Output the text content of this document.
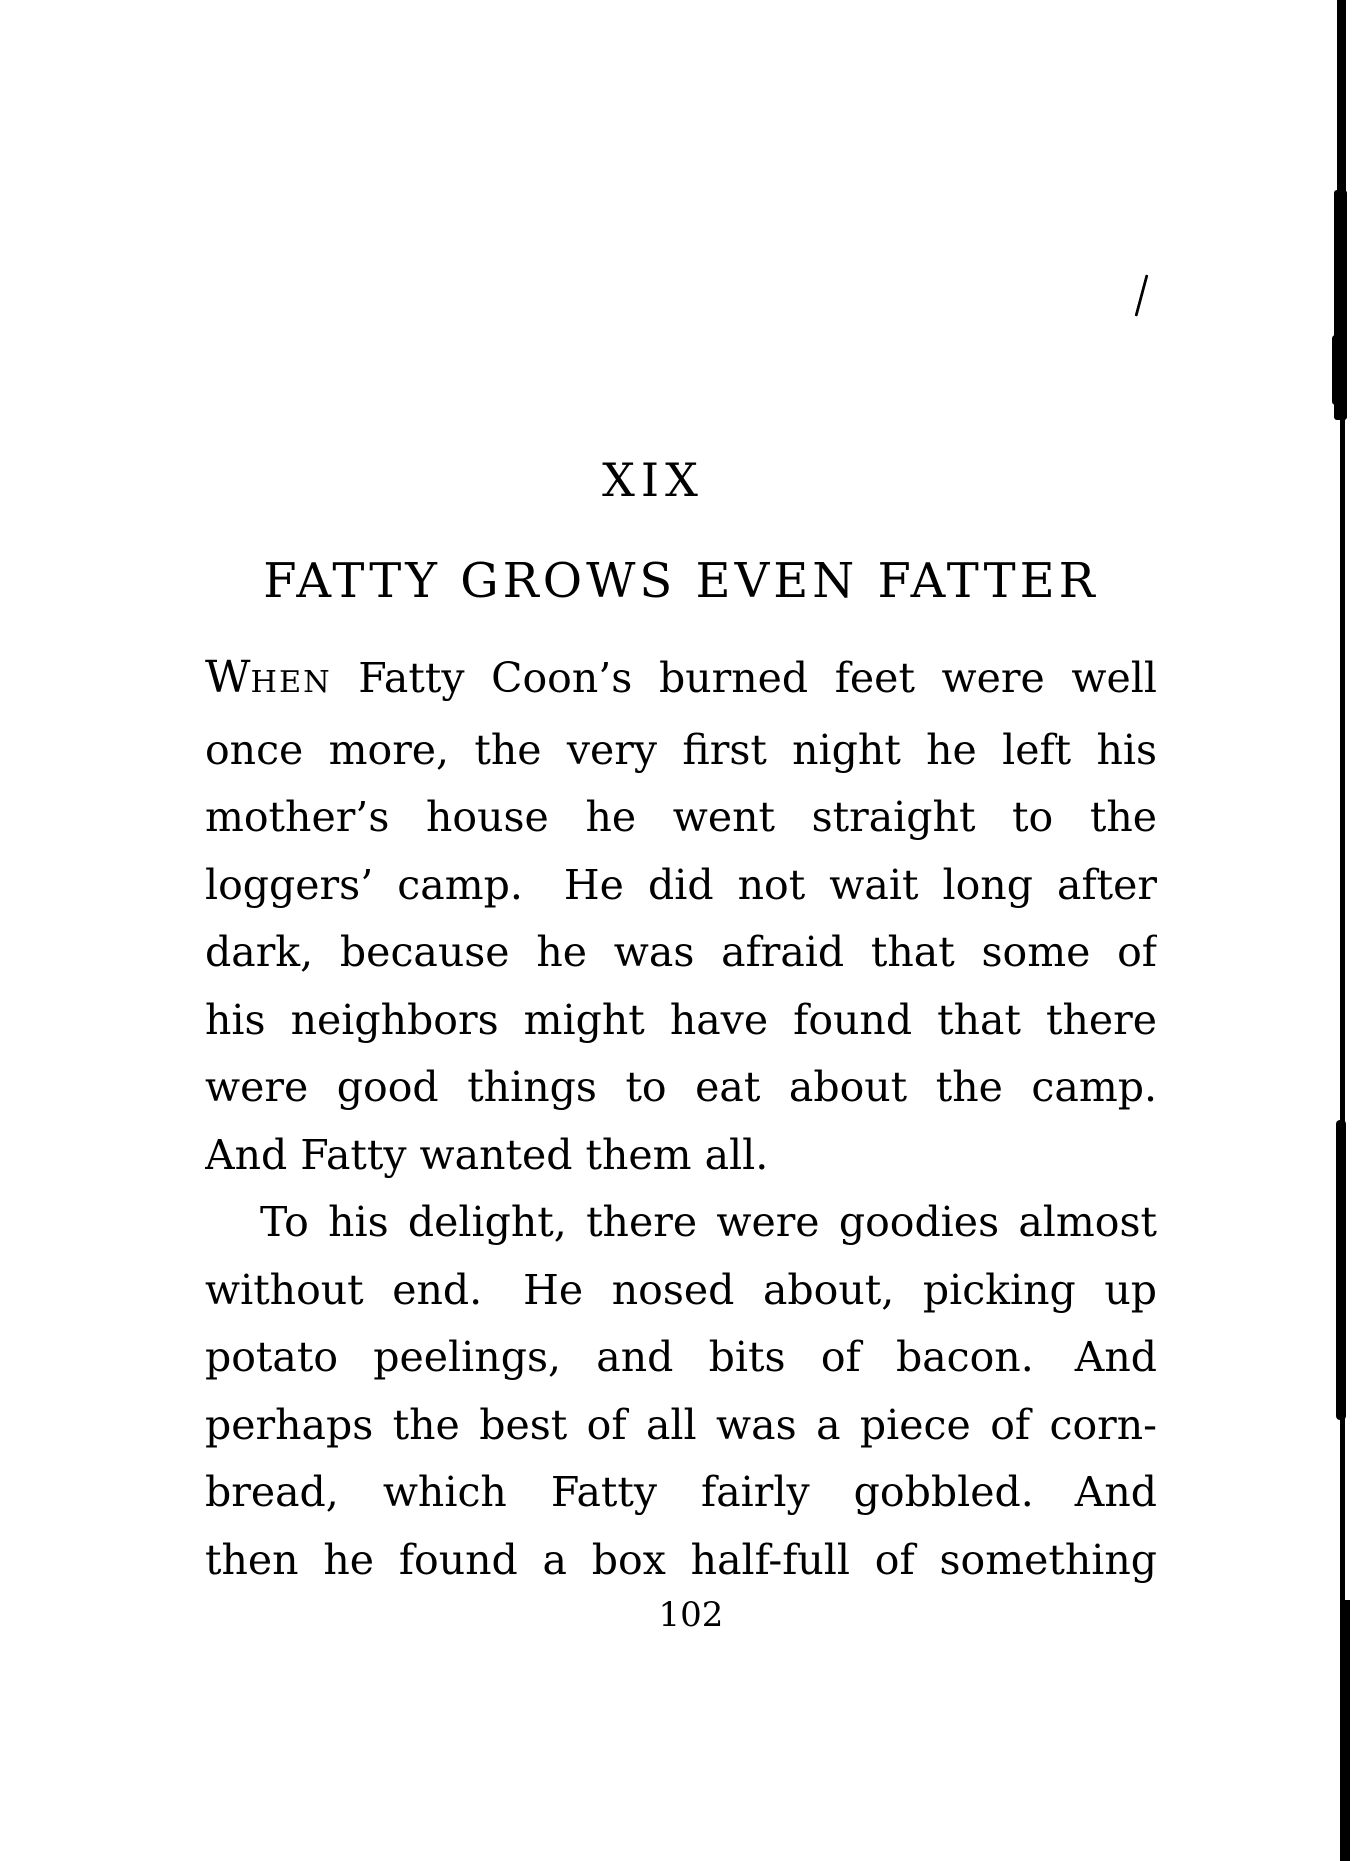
XIX
FATTY GROWS EVEN FATTER
WHEN Fatty Coon’s burned feet were well
once more, the very first night he left his
mother’s house he went straight to the
loggers’ camp. He did not wait long after
dark, because he was afraid that some of
his neighbors might have found that there
were good things to eat about the camp.
And Fatty wanted them all.
To his delight, there were goodies almost
without end. He nosed about, picking up
potato peelings, and bits of bacon. And
perhaps the best of all was a piece of corn-
bread, which Fatty fairly gobbled. And
then he found a box half-full of something
102
